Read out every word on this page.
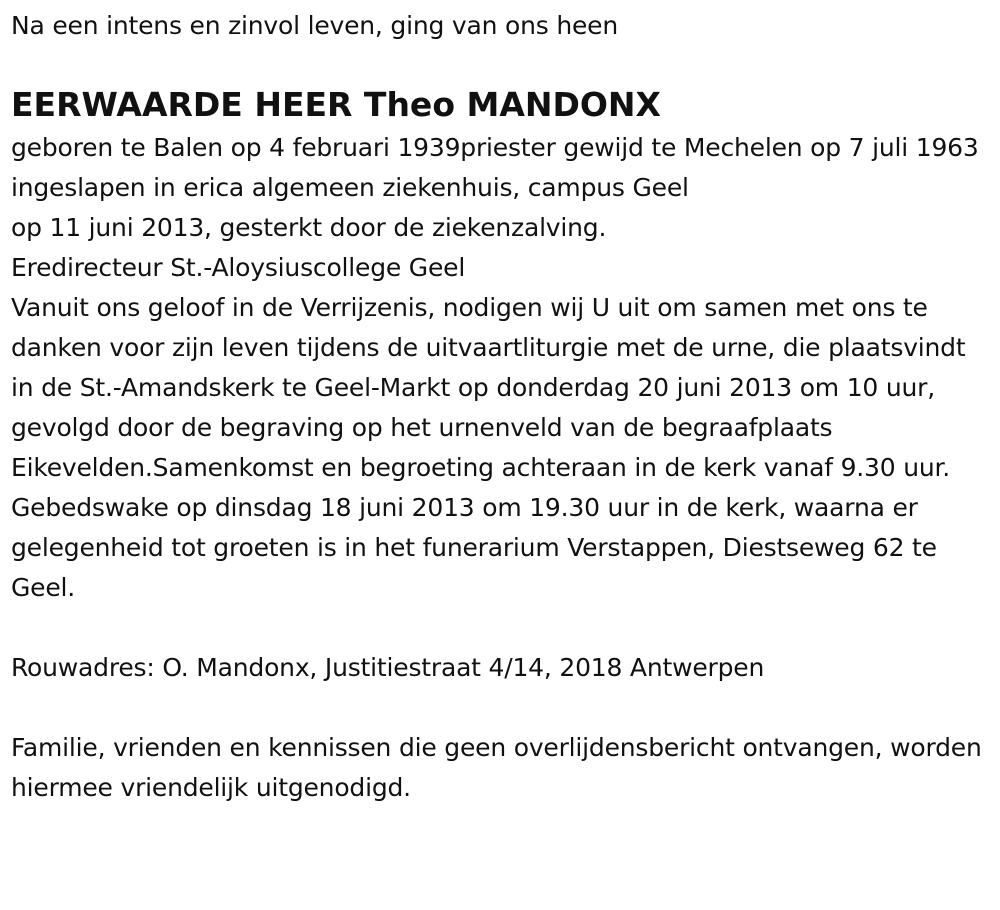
Na een intens en zinvol leven, ging van ons heen
EERWAARDE HEER Theo MANDONX
geboren te Balen op 4 februari 1939priester gewijd te Mechelen op 7 juli 1963
ingeslapen in erica algemeen ziekenhuis, campus Geel
op 11 juni 2013, gesterkt door de ziekenzalving.
Eredirecteur St.-Aloysiuscollege Geel
Vanuit ons geloof in de Verrijzenis, nodigen wij U uit om samen met ons te danken voor zijn leven tijdens de uitvaartliturgie met de urne, die plaatsvindt in de St.-Amandskerk te Geel-Markt op donderdag 20 juni 2013 om 10 uur, gevolgd door de begraving op het urnenveld van de begraafplaats Eikevelden.Samenkomst en begroeting achteraan in de kerk vanaf 9.30 uur.
Gebedswake op dinsdag 18 juni 2013 om 19.30 uur in de kerk, waarna er gelegenheid tot groeten is in het funerarium Verstappen, Diestseweg 62 te Geel.
Rouwadres: O. Mandonx, Justitiestraat 4/14, 2018 Antwerpen
Familie, vrienden en kennissen die geen overlijdensbericht ontvangen, worden hiermee vriendelijk uitgenodigd.
